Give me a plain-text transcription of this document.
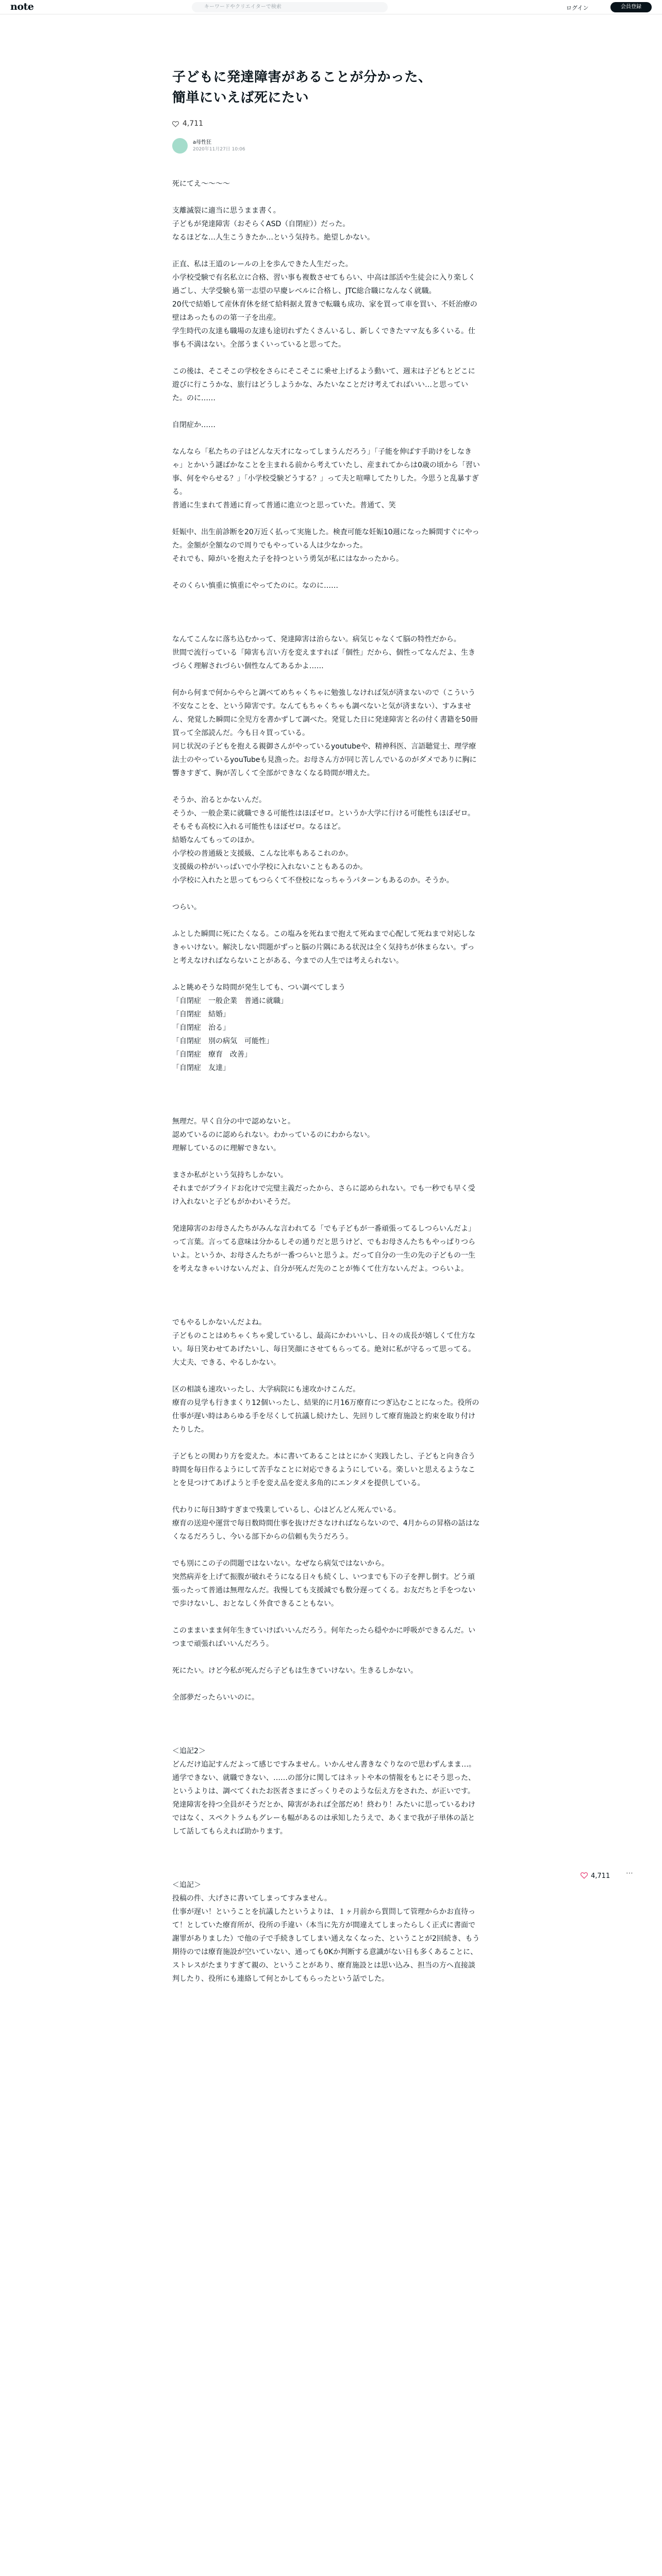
note	キーワードやクリエイターで検索	ログイン	会員登録
子どもに発達障害があることが分かった、
簡単にいえば死にたい
4,711
a母性狂
2020年11月27日 10:06

死にてえ〜〜〜〜

支離滅裂に適当に思うまま書く。
子どもが発達障害（おそらくASD（自閉症））だった。
なるほどな…人生こうきたか…という気持ち。絶望しかない。

正直、私は王道のレールの上を歩んできた人生だった。
小学校受験で有名私立に合格、習い事も複数させてもらい、中高は部活や生徒会に入り楽しく過ごし、大学受験も第一志望の早慶レベルに合格し、JTC総合職になんなく就職。
20代で結婚して産休育休を経て給料据え置きで転職も成功、家を買って車を買い、不妊治療の壁はあったものの第一子を出産。
学生時代の友達も職場の友達も途切れずたくさんいるし、新しくできたママ友も多くいる。仕事も不満はない。全部うまくいっていると思ってた。

この後は、そこそこの学校をさらにそこそこに乗せ上げるよう動いて、週末は子どもとどこに遊びに行こうかな、旅行はどうしようかな、みたいなことだけ考えてればいい…と思っていた。のに……

自閉症か……

なんなら「私たちの子はどんな天才になってしまうんだろう」「子能を伸ばす手助けをしなきゃ」とかいう謎ばかなことを主まれる前から考えていたし、産まれてからは0歳の頃から「習い事、何をやらせる？」「小学校受験どうする？」って夫と喧嘩してたりした。今思うと乱暴すぎる。
普通に生まれて普通に育って普通に進立つと思っていた。普通て、笑

妊娠中、出生前診断を20万近く払って実施した。検査可能な妊娠10週になった瞬間すぐにやった。金額が全額なので周りでもやっている人は少なかった。
それでも、障がいを抱えた子を持つという勇気が私にはなかったから。

そのくらい慎重に慎重にやってたのに。なのに……

なんてこんなに落ち込むかって、発達障害は治らない。病気じゃなくて脳の特性だから。
世間で流行っている「障害も言い方を変えますれば「個性」だから、個性ってなんだよ、生きづらく理解されづらい個性なんてあるかよ……

何から何まで何からやらと調べてめちゃくちゃに勉強しなければ気が済まないので（こういう不安なことを、という障害です。なんてもちゃくちゃも調べないと気が済まない）、すみません、発覚した瞬間に全児方を書かずして調べた。発覚した日に発達障害と名の付く書籍を50冊買って全部読んだ。今も日々買っている。
同じ状況の子どもを抱える親御さんがやっているyoutubeや、精神科医、言語聴覚士、理学療法士のやっているyouTubeも見漁った。お母さん方が同じ苦しんでいるのがダメでありに胸に響きすぎて、胸が苦しくて全部ができなくなる時間が増えた。

そうか、治るとかないんだ。
そうか、一般企業に就職できる可能性はほぼゼロ。というか大学に行ける可能性もほぼゼロ。そもそも高校に入れる可能性もほぼゼロ。なるほど。
結婚なんてもってのほか。
小学校の普通級と支援級、こんな比率もあるこれのか。
支援級の枠がいっぱいで小学校に入れないこともあるのか。
小学校に入れたと思ってもつらくて不登校になっちゃうパターンもあるのか。そうか。

つらい。

ふとした瞬間に死にたくなる。この塩みを死ねまで抱えて死ぬまで心配して死ねまで対応しなきゃいけない。解決しない問題がずっと脳の片隅にある状況は全く気持ちが休まらない。ずっと考えなければならないことがある、今までの人生では考えられない。

ふと眺めそうな時間が発生しても、つい調べてしまう
「自閉症　一般企業　普通に就職」
「自閉症　結婚」
「自閉症　治る」
「自閉症　別の病気　可能性」
「自閉症　療育　改善」
「自閉症　友達」

無理だ。早く自分の中で認めないと。
認めているのに認められない。わかっているのにわからない。
理解しているのに理解できない。

まさか私がという気持ちしかない。
それまでがプライドお化けで完璧主義だったから、さらに認められない。でも一秒でも早く受け入れないと子どもがかわいそうだ。

発達障害のお母さんたちがみんな言われてる「でも子どもが一番頑張ってるしつらいんだよ」って言葉。言ってる意味は分かるしその通りだと思うけど、でもお母さんたちもやっぱりつらいよ。というか、お母さんたちが一番つらいと思うよ。だって自分の一生の先の子どもの一生を考えなきゃいけないんだよ、自分が死んだ先のことが怖くて仕方ないんだよ。つらいよ。

でもやるしかないんだよね。
子どものことはめちゃくちゃ愛しているし、最高にかわいいし、日々の成長が嬉しくて仕方ない。毎日笑わせてあげたいし、毎日笑顔にさせてもらってる。絶対に私が守るって思ってる。大丈夫、できる、やるしかない。

区の相談も速攻いったし、大学病院にも速攻かけこんだ。
療育の見学も行きまくり12個いったし、結果的に月16万療育につぎ込むことになった。役所の仕事が遅い時はあらゆる手を尽くして抗議し続けたし、先回りして療育施設と約束を取り付けたりした。

子どもとの関わり方を変えた。本に書いてあることはとにかく実践したし、子どもと向き合う時間を毎日作るようにして苦手なことに対応できるようにしている。楽しいと思えるようなことを見つけてあげようと手を変え品を変え多角的にエンタメを提供している。

代わりに毎日3時すぎまで残業しているし、心はどんどん死んでいる。
療育の送迎や運営で毎日数時間仕事を抜けださなければならないので、4月からの昇格の話はなくなるだろうし、今いる部下からの信頼も失うだろう。

でも別にこの子の問題ではないない。なぜなら病気ではないから。
突然病弄を上げて振腹が破れそうになる日々も続くし、いつまでも下の子を押し倒す。どう頑張ったって普通は無理なんだ。我慢しても支援減でも数分遅ってくる。お友だちと手をつないで歩けないし、おとなしく外食できることもない。

このままいまま何年生きていけばいいんだろう。何年たったら穏やかに呼吸ができるんだ。いつまで頑張ればいいんだろう。

死にたい。けど今私が死んだら子どもは生きていけない。生きるしかない。

全部夢だったらいいのに。

＜追記2＞
どんだけ追記すんだよって感じですみません。いかんせん書きなぐりなので思わずんまま…。
通学できない、就職できない、……の部分に関してはネットや本の情報をもとにそう思った、というよりは、調べてくれたお医者さまにざっくりそのような伝え方をされた、が正いです。
発達障害を持つ全員がそうだとか、障害があれば全部だめ！終わり！みたいに思っているわけではなく、スペクトラムもグレーも幅があるのは承知したうえで、あくまで我が子単体の話として話してもらえれば助かります。

＜追記＞
投稿の件、大げさに書いてしまってすみません。
仕事が遅い！ということを抗議したというよりは、１ヶ月前から質問して管理からかお直待って！としていた療育所が、役所の手違い（本当に先方が間違えてしまったらしく正式に書面で謝罪がありました）で他の子で手続きしてしまい通えなくなった、ということが2回続き、もう期待のでは療育施設が空いていない、通っても0Kか判断する意識がない日も多くあることに、ストレスがたまりすぎて親の、ということがあり、療育施設とは思い込み、担当の方へ直接談判したり、役所にも連絡して何とかしてもらったという話でした。

4,711 ⋯
